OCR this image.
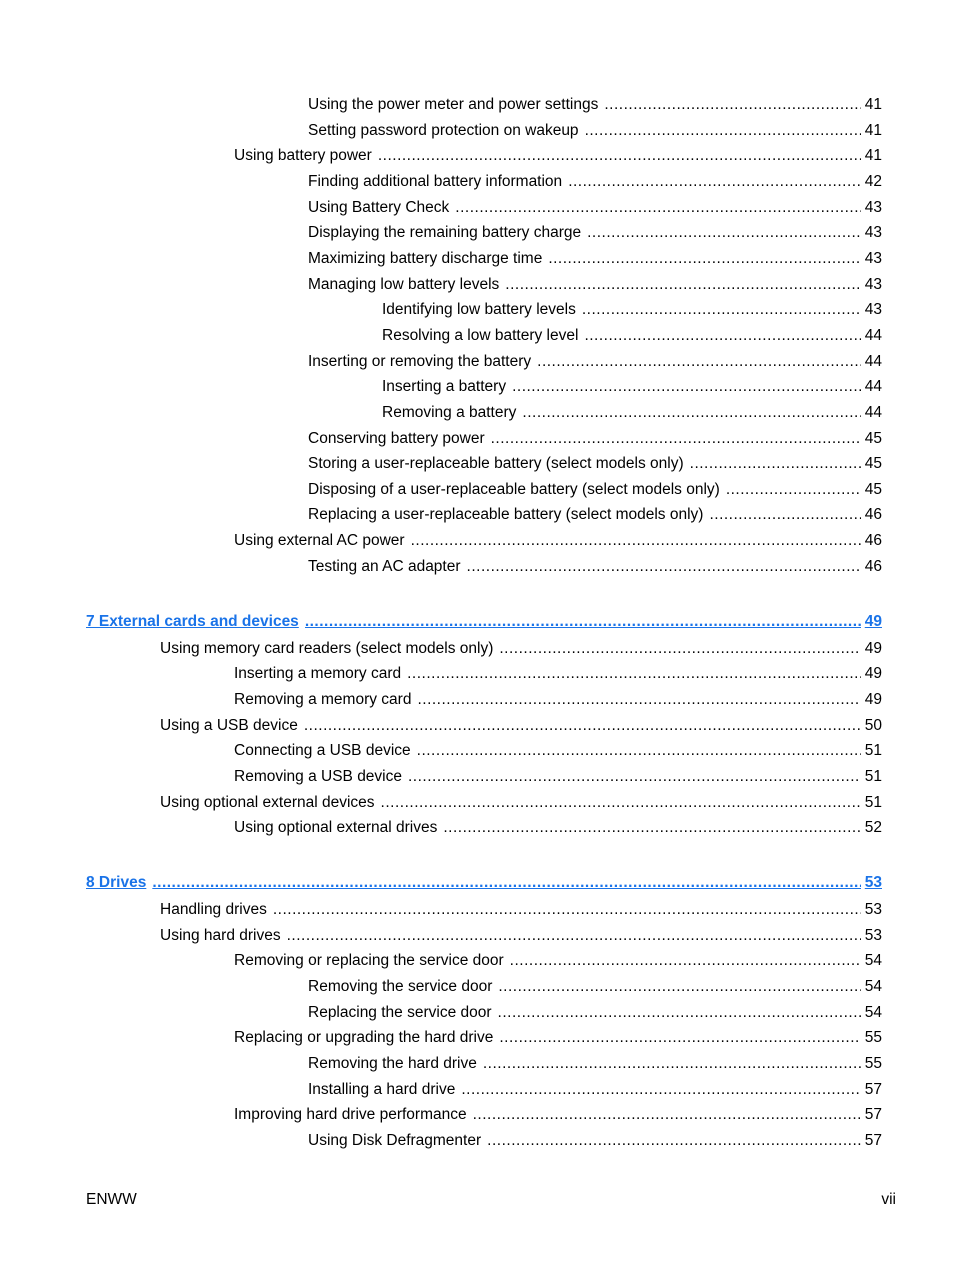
Using the power meter and power settings .....	41
Setting password protection on wakeup .....	41
Using battery power .....	41
Finding additional battery information .....	42
Using Battery Check .....	43
Displaying the remaining battery charge .....	43
Maximizing battery discharge time .....	43
Managing low battery levels .....	43
Identifying low battery levels .....	43
Resolving a low battery level .....	44
Inserting or removing the battery .....	44
Inserting a battery .....	44
Removing a battery .....	44
Conserving battery power .....	45
Storing a user-replaceable battery (select models only) .....	45
Disposing of a user-replaceable battery (select models only) .....	45
Replacing a user-replaceable battery (select models only) .....	46
Using external AC power .....	46
Testing an AC adapter .....	46
7 External cards and devices .....	49
Using memory card readers (select models only) .....	49
Inserting a memory card .....	49
Removing a memory card .....	49
Using a USB device .....	50
Connecting a USB device .....	51
Removing a USB device .....	51
Using optional external devices .....	51
Using optional external drives .....	52
8 Drives .....	53
Handling drives .....	53
Using hard drives .....	53
Removing or replacing the service door .....	54
Removing the service door .....	54
Replacing the service door .....	54
Replacing or upgrading the hard drive .....	55
Removing the hard drive .....	55
Installing a hard drive .....	57
Improving hard drive performance .....	57
Using Disk Defragmenter .....	57
ENWW	vii
